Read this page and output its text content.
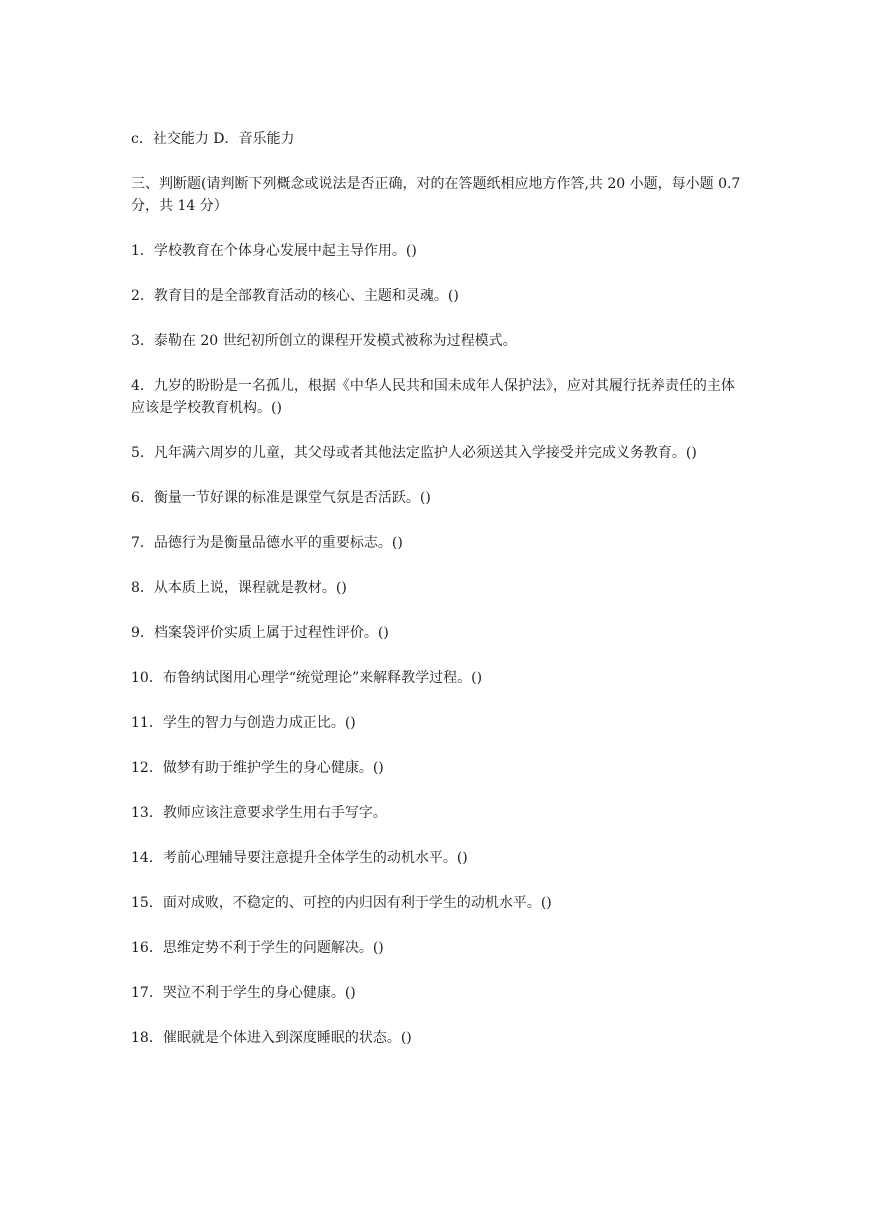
c．社交能力 D．音乐能力

三、判断题(请判断下列概念或说法是否正确，对的在答题纸相应地方作答,共 20 小题，每小题 0.7 分，共 14 分）

1．学校教育在个体身心发展中起主导作用。()

2．教育目的是全部教育活动的核心、主题和灵魂。()

3．泰勒在 20 世纪初所创立的课程开发模式被称为过程模式。

4．九岁的盼盼是一名孤儿，根据《中华人民共和国未成年人保护法》，应对其履行抚养责任的主体应该是学校教育机构。()

5．凡年满六周岁的儿童，其父母或者其他法定监护人必须送其入学接受并完成义务教育。()

6．衡量一节好课的标准是课堂气氛是否活跃。()

7．品德行为是衡量品德水平的重要标志。()

8．从本质上说，课程就是教材。()

9．档案袋评价实质上属于过程性评价。()

10．布鲁纳试图用心理学“统觉理论”来解释教学过程。()

11．学生的智力与创造力成正比。()

12．做梦有助于维护学生的身心健康。()

13．教师应该注意要求学生用右手写字。

14．考前心理辅导要注意提升全体学生的动机水平。()

15．面对成败，不稳定的、可控的内归因有利于学生的动机水平。()

16．思维定势不利于学生的问题解决。()

17．哭泣不利于学生的身心健康。()

18．催眠就是个体进入到深度睡眠的状态。()
